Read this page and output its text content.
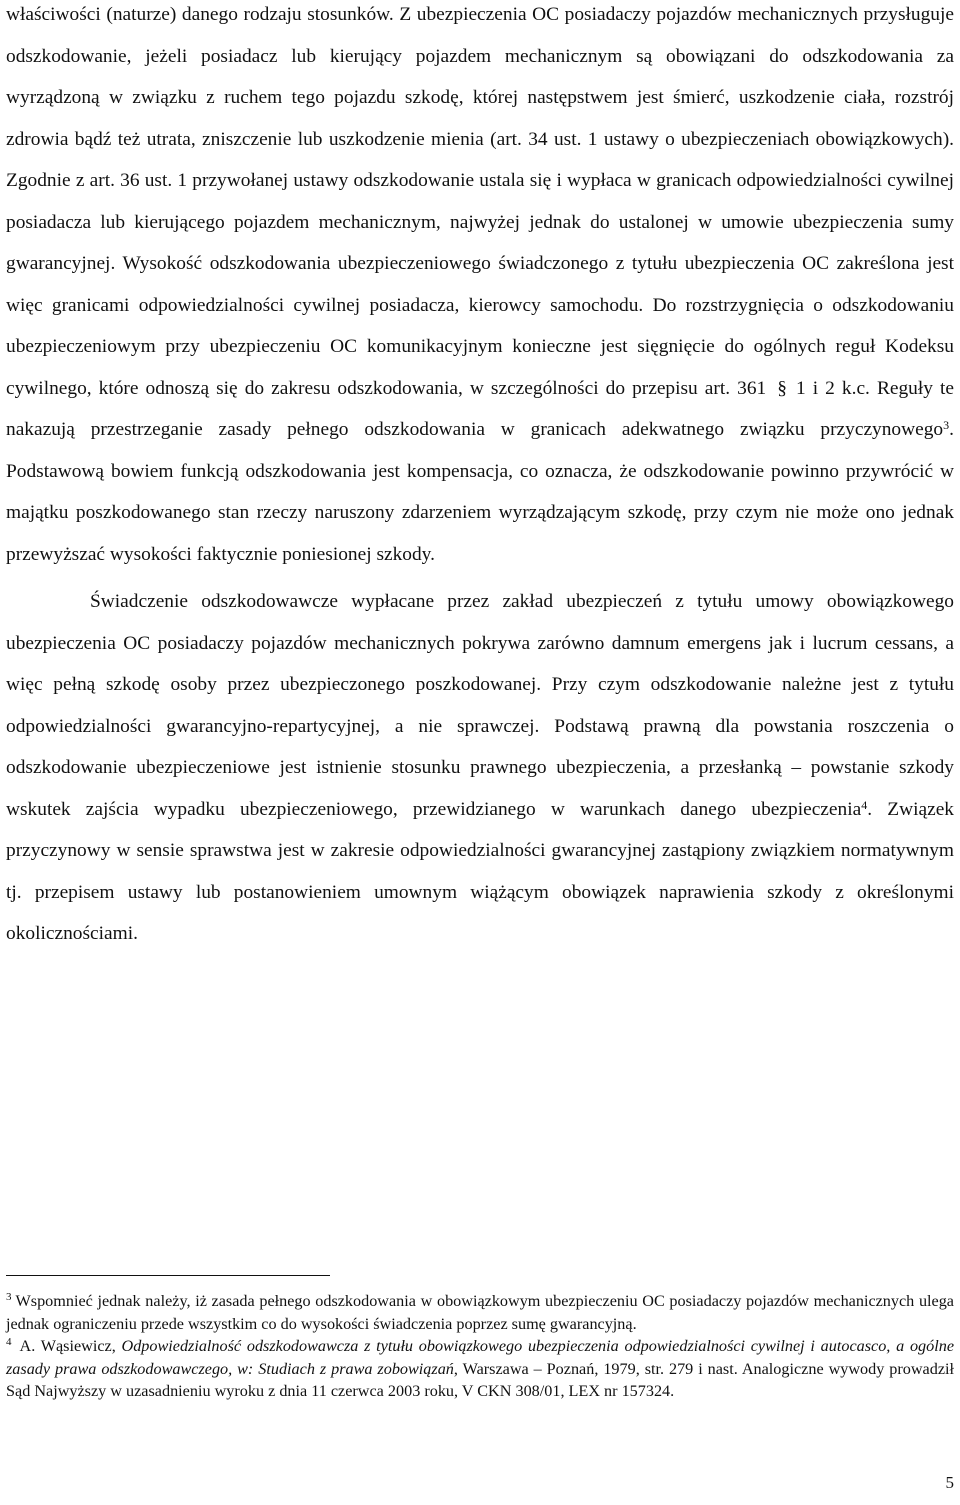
właściwości (naturze) danego rodzaju stosunków. Z ubezpieczenia OC posiadaczy pojazdów mechanicznych przysługuje odszkodowanie, jeżeli posiadacz lub kierujący pojazdem mechanicznym są obowiązani do odszkodowania za wyrządzoną w związku z ruchem tego pojazdu szkodę, której następstwem jest śmierć, uszkodzenie ciała, rozstrój zdrowia bądź też utrata, zniszczenie lub uszkodzenie mienia (art. 34 ust. 1 ustawy o ubezpieczeniach obowiązkowych). Zgodnie z art. 36 ust. 1 przywołanej ustawy odszkodowanie ustala się i wypłaca w granicach odpowiedzialności cywilnej posiadacza lub kierującego pojazdem mechanicznym, najwyżej jednak do ustalonej w umowie ubezpieczenia sumy gwarancyjnej. Wysokość odszkodowania ubezpieczeniowego świadczonego z tytułu ubezpieczenia OC zakreślona jest więc granicami odpowiedzialności cywilnej posiadacza, kierowcy samochodu. Do rozstrzygnięcia o odszkodowaniu ubezpieczeniowym przy ubezpieczeniu OC komunikacyjnym konieczne jest sięgnięcie do ogólnych reguł Kodeksu cywilnego, które odnoszą się do zakresu odszkodowania, w szczególności do przepisu art. 361 § 1 i 2 k.c. Reguły te nakazują przestrzeganie zasady pełnego odszkodowania w granicach adekwatnego związku przyczynowego$^3$. Podstawową bowiem funkcją odszkodowania jest kompensacja, co oznacza, że odszkodowanie powinno przywrócić w majątku poszkodowanego stan rzeczy naruszony zdarzeniem wyrządzającym szkodę, przy czym nie może ono jednak przewyższać wysokości faktycznie poniesionej szkody.

Świadczenie odszkodowawcze wypłacane przez zakład ubezpieczeń z tytułu umowy obowiązkowego ubezpieczenia OC posiadaczy pojazdów mechanicznych pokrywa zarówno damnum emergens jak i lucrum cessans, a więc pełną szkodę osoby przez ubezpieczonego poszkodowanej. Przy czym odszkodowanie należne jest z tytułu odpowiedzialności gwarancyjno-repartycyjnej, a nie sprawczej. Podstawą prawną dla powstania roszczenia o odszkodowanie ubezpieczeniowe jest istnienie stosunku prawnego ubezpieczenia, a przesłanką – powstanie szkody wskutek zajścia wypadku ubezpieczeniowego, przewidzianego w warunkach danego ubezpieczenia$^4$. Związek przyczynowy w sensie sprawstwa jest w zakresie odpowiedzialności gwarancyjnej zastąpiony związkiem normatywnym tj. przepisem ustawy lub postanowieniem umownym wiążącym obowiązek naprawienia szkody z określonymi okolicznościami.

$^3$ Wspomnieć jednak należy, iż zasada pełnego odszkodowania w obowiązkowym ubezpieczeniu OC posiadaczy pojazdów mechanicznych ulega jednak ograniczeniu przede wszystkim co do wysokości świadczenia poprzez sumę gwarancyjną.

$^4$ A. Wąsiewicz, Odpowiedzialność odszkodowawcza z tytułu obowiązkowego ubezpieczenia odpowiedzialności cywilnej i autocasco, a ogólne zasady prawa odszkodowawczego, w: Studiach z prawa zobowiązań, Warszawa – Poznań, 1979, str. 279 i nast. Analogiczne wywody prowadził Sąd Najwyższy w uzasadnieniu wyroku z dnia 11 czerwca 2003 roku, V CKN 308/01, LEX nr 157324.

5
